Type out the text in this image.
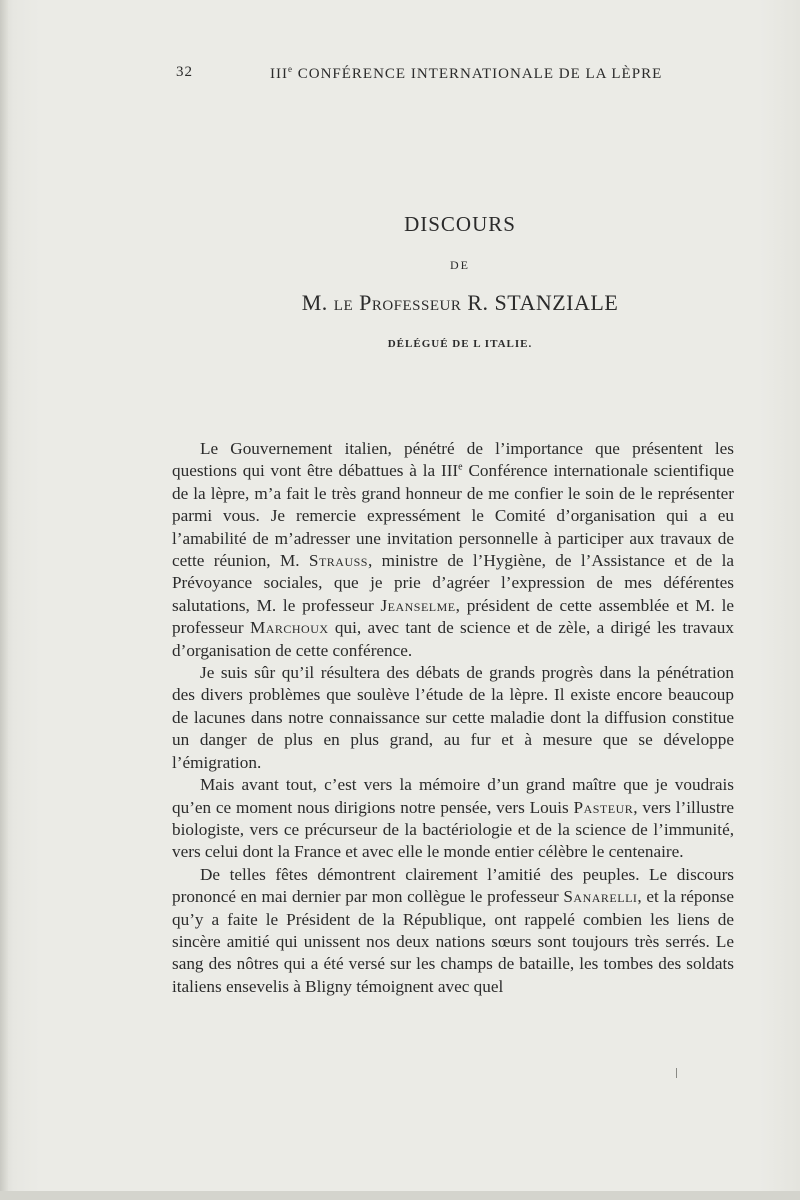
32	IIIe CONFÉRENCE INTERNATIONALE DE LA LÈPRE
DISCOURS
DE
M. le Professeur R. STANZIALE
DÉLÉGUÉ DE L ITALIE.

Le Gouvernement italien, pénétré de l’importance que présentent les questions qui vont être débattues à la IIIe Conférence internationale scientifique de la lèpre, m’a fait le très grand honneur de me confier le soin de le représenter parmi vous. Je remercie expressément le Comité d’organisation qui a eu l’amabilité de m’adresser une invitation personnelle à participer aux travaux de cette réunion, M. Strauss, ministre de l’Hygiène, de l’Assistance et de la Prévoyance sociales, que je prie d’agréer l’expression de mes déférentes salutations, M. le professeur Jeanselme, président de cette assemblée et M. le professeur Marchoux qui, avec tant de science et de zèle, a dirigé les travaux d’organisation de cette conférence.

Je suis sûr qu’il résultera des débats de grands progrès dans la pénétration des divers problèmes que soulève l’étude de la lèpre. Il existe encore beaucoup de lacunes dans notre connaissance sur cette maladie dont la diffusion constitue un danger de plus en plus grand, au fur et à mesure que se développe l’émigration.

Mais avant tout, c’est vers la mémoire d’un grand maître que je voudrais qu’en ce moment nous dirigions notre pensée, vers Louis Pasteur, vers l’illustre biologiste, vers ce précurseur de la bactériologie et de la science de l’immunité, vers celui dont la France et avec elle le monde entier célèbre le centenaire.

De telles fêtes démontrent clairement l’amitié des peuples. Le discours prononcé en mai dernier par mon collègue le professeur Sanarelli, et la réponse qu’y a faite le Président de la République, ont rappelé combien les liens de sincère amitié qui unissent nos deux nations sœurs sont toujours très serrés. Le sang des nôtres qui a été versé sur les champs de bataille, les tombes des soldats italiens ensevelis à Bligny témoignent avec quel
